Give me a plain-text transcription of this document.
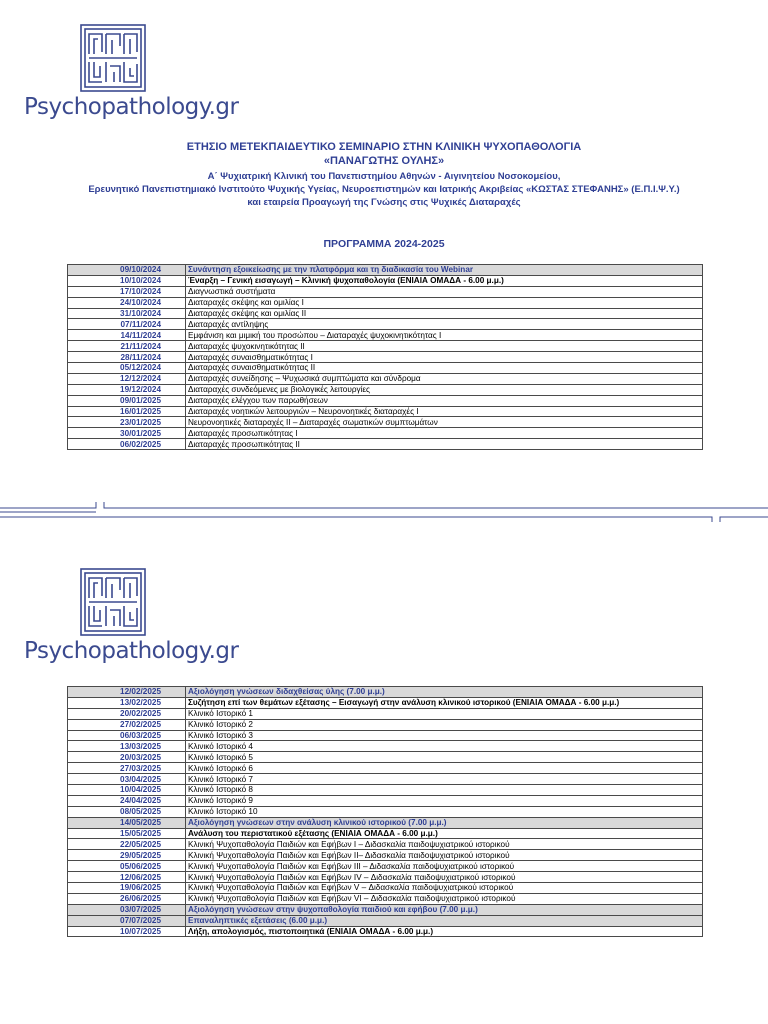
Psychopathology.gr
ΕΤΗΣΙΟ ΜΕΤΕΚΠΑΙΔΕΥΤΙΚΟ ΣΕΜΙΝΑΡΙΟ ΣΤΗΝ ΚΛΙΝΙΚΗ ΨΥΧΟΠΑΘΟΛΟΓΙΑ
«ΠΑΝΑΓΩΤΗΣ ΟΥΛΗΣ»
Α΄ Ψυχιατρική Κλινική του Πανεπιστημίου Αθηνών - Αιγινητείου Νοσοκομείου,
Ερευνητικό Πανεπιστημιακό Ινστιτούτο Ψυχικής Υγείας, Νευροεπιστημών και Ιατρικής Ακριβείας «ΚΩΣΤΑΣ ΣΤΕΦΑΝΗΣ» (Ε.Π.Ι.Ψ.Υ.)
και εταιρεία Προαγωγή της Γνώσης στις Ψυχικές Διαταραχές
ΠΡΟΓΡΑΜΜΑ 2024-2025
09/10/2024	Συνάντηση εξοικείωσης με την πλατφόρμα και τη διαδικασία του Webinar
10/10/2024	Έναρξη – Γενική εισαγωγή – Κλινική ψυχοπαθολογία (ΕΝΙΑΙΑ ΟΜΑΔΑ - 6.00 μ.μ.)
17/10/2024	Διαγνωστικά συστήματα
24/10/2024	Διαταραχές σκέψης και ομιλίας Ι
31/10/2024	Διαταραχές σκέψης και ομιλίας ΙΙ
07/11/2024	Διαταραχές αντίληψης
14/11/2024	Εμφάνιση και μιμική του προσώπου – Διαταραχές ψυχοκινητικότητας Ι
21/11/2024	Διαταραχές ψυχοκινητικότητας ΙΙ
28/11/2024	Διαταραχές συναισθηματικότητας Ι
05/12/2024	Διαταραχές συναισθηματικότητας ΙΙ
12/12/2024	Διαταραχές συνείδησης – Ψυχωσικά συμπτώματα και σύνδρομα
19/12/2024	Διαταραχές συνδεόμενες με βιολογικές λειτουργίες
09/01/2025	Διαταραχές ελέγχου των παρωθήσεων
16/01/2025	Διαταραχές νοητικών λειτουργιών – Νευρονοητικές διαταραχές Ι
23/01/2025	Νευρονοητικές διαταραχές ΙΙ – Διαταραχές σωματικών συμπτωμάτων
30/01/2025	Διαταραχές προσωπικότητας Ι
06/02/2025	Διαταραχές προσωπικότητας ΙΙ
Psychopathology.gr
12/02/2025	Αξιολόγηση γνώσεων διδαχθείσας ύλης (7.00 μ.μ.)
13/02/2025	Συζήτηση επί των θεμάτων εξέτασης – Εισαγωγή στην ανάλυση κλινικού ιστορικού (ΕΝΙΑΙΑ ΟΜΑΔΑ - 6.00 μ.μ.)
20/02/2025	Κλινικό Ιστορικό 1
27/02/2025	Κλινικό Ιστορικό 2
06/03/2025	Κλινικό Ιστορικό 3
13/03/2025	Κλινικό Ιστορικό 4
20/03/2025	Κλινικό Ιστορικό 5
27/03/2025	Κλινικό Ιστορικό 6
03/04/2025	Κλινικό Ιστορικό 7
10/04/2025	Κλινικό Ιστορικό 8
24/04/2025	Κλινικό Ιστορικό 9
08/05/2025	Κλινικό Ιστορικό 10
14/05/2025	Αξιολόγηση γνώσεων στην ανάλυση κλινικού ιστορικού (7.00 μ.μ.)
15/05/2025	Ανάλυση του περιστατικού εξέτασης (ΕΝΙΑΙΑ ΟΜΑΔΑ - 6.00 μ.μ.)
22/05/2025	Κλινική Ψυχοπαθολογία Παιδιών και Εφήβων Ι – Διδασκαλία παιδοψυχιατρικού ιστορικού
29/05/2025	Κλινική Ψυχοπαθολογία Παιδιών και Εφήβων ΙΙ– Διδασκαλία παιδοψυχιατρικού ιστορικού
05/06/2025	Κλινική Ψυχοπαθολογία Παιδιών και Εφήβων ΙΙΙ – Διδασκαλία παιδοψυχιατρικού ιστορικού
12/06/2025	Κλινική Ψυχοπαθολογία Παιδιών και Εφήβων IV – Διδασκαλία παιδοψυχιατρικού ιστορικού
19/06/2025	Κλινική Ψυχοπαθολογία Παιδιών και Εφήβων V – Διδασκαλία παιδοψυχιατρικού ιστορικού
26/06/2025	Κλινική Ψυχοπαθολογία Παιδιών και Εφήβων VI – Διδασκαλία παιδοψυχιατρικού ιστορικού
03/07/2025	Αξιολόγηση γνώσεων στην ψυχοπαθολογία παιδιού και εφήβου (7.00 μ.μ.)
07/07/2025	Επαναληπτικές εξετάσεις (6.00 μ.μ.)
10/07/2025	Λήξη, απολογισμός, πιστοποιητικά (ΕΝΙΑΙΑ ΟΜΑΔΑ - 6.00 μ.μ.)
